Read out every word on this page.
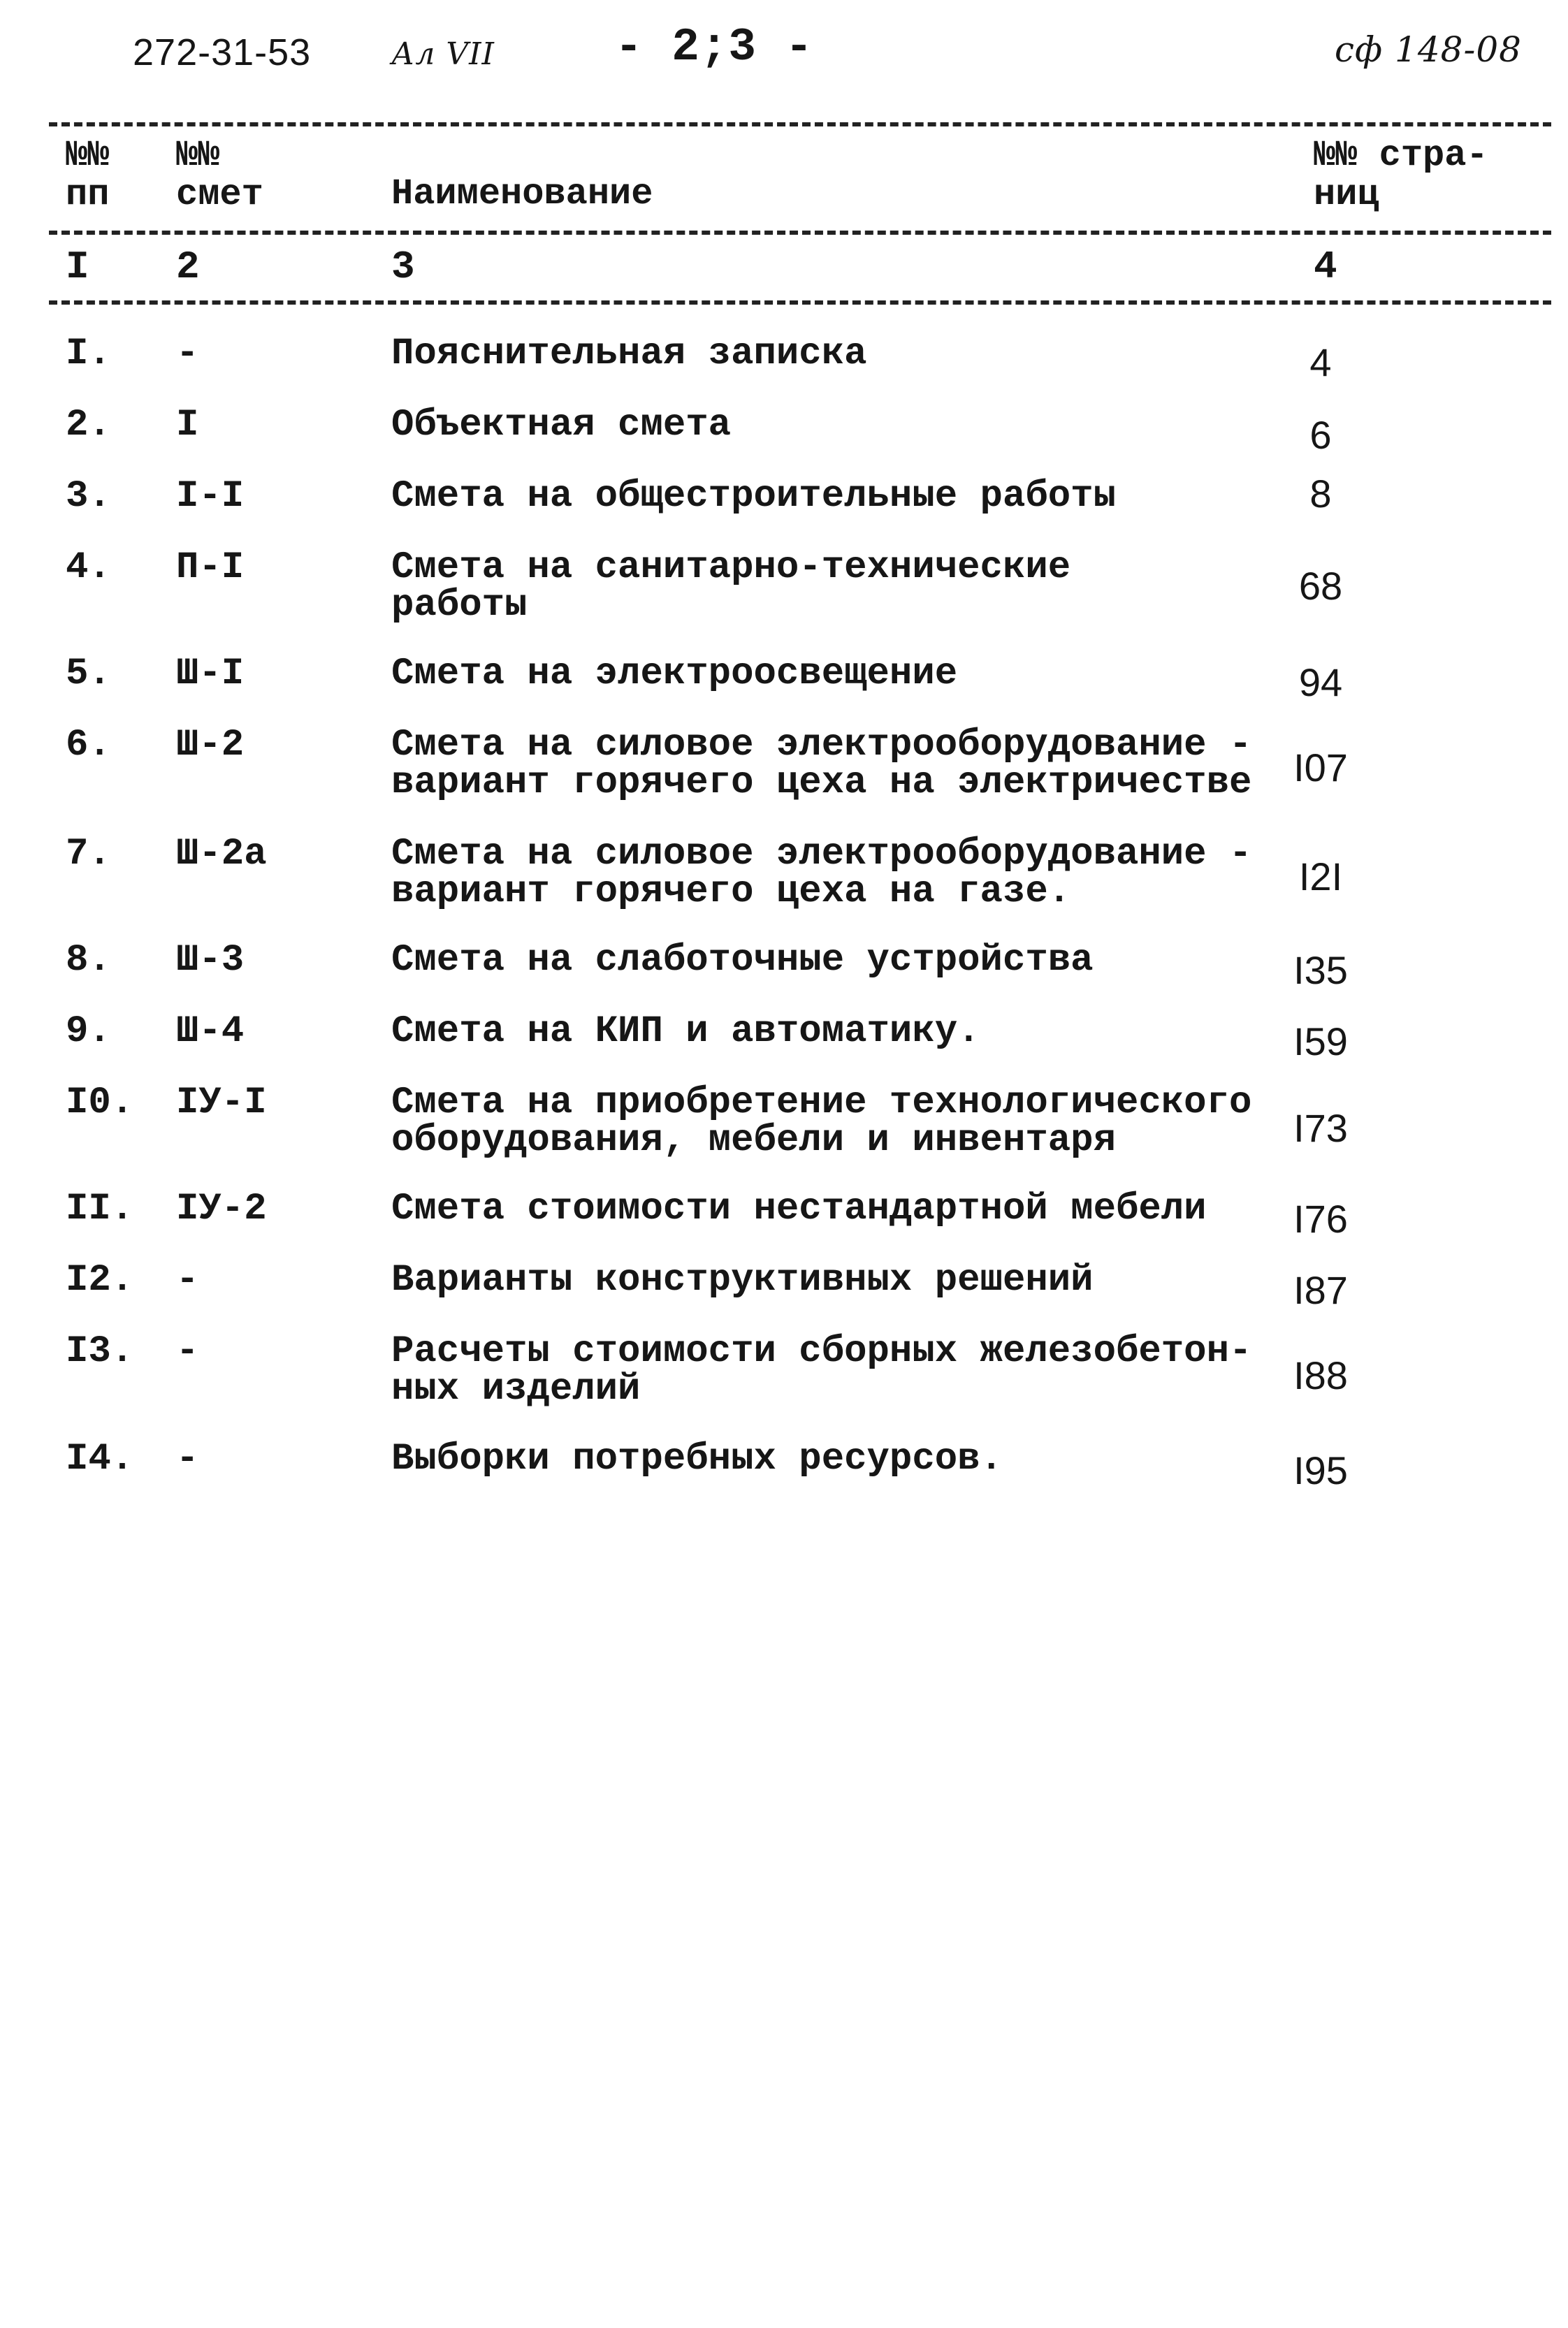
272-31-53	Ал VII	- 2;3 -	сф 148-08
№№
пп
№№
смет	Наименование
№№ стра-
ниц
I 2	3	4
I. -	Пояснительная записка	4
2. I	Объектная смета	6
3. I-I	Смета на общестроительные работы	8
4. П-I	Смета на санитарно-технические
работы	68
5. Ш-I	Смета на электроосвещение	94
6. Ш-2	Смета на силовое электрооборудование -
вариант горячего цеха на электричестве	I07
7. Ш-2а	Смета на силовое электрооборудование -
вариант горячего цеха на газе.	I2I
8. Ш-3	Смета на слаботочные устройства	I35
9. Ш-4	Смета на КИП и автоматику.	I59
I0. IУ-I	Смета на приобретение технологического
оборудования, мебели и инвентаря	I73
II. IУ-2	Смета стоимости нестандартной мебели	I76
I2. -	Варианты конструктивных решений	I87
I3. -	Расчеты стоимости сборных железобетон-
ных изделий	I88
I4. -	Выборки потребных ресурсов.	I95
